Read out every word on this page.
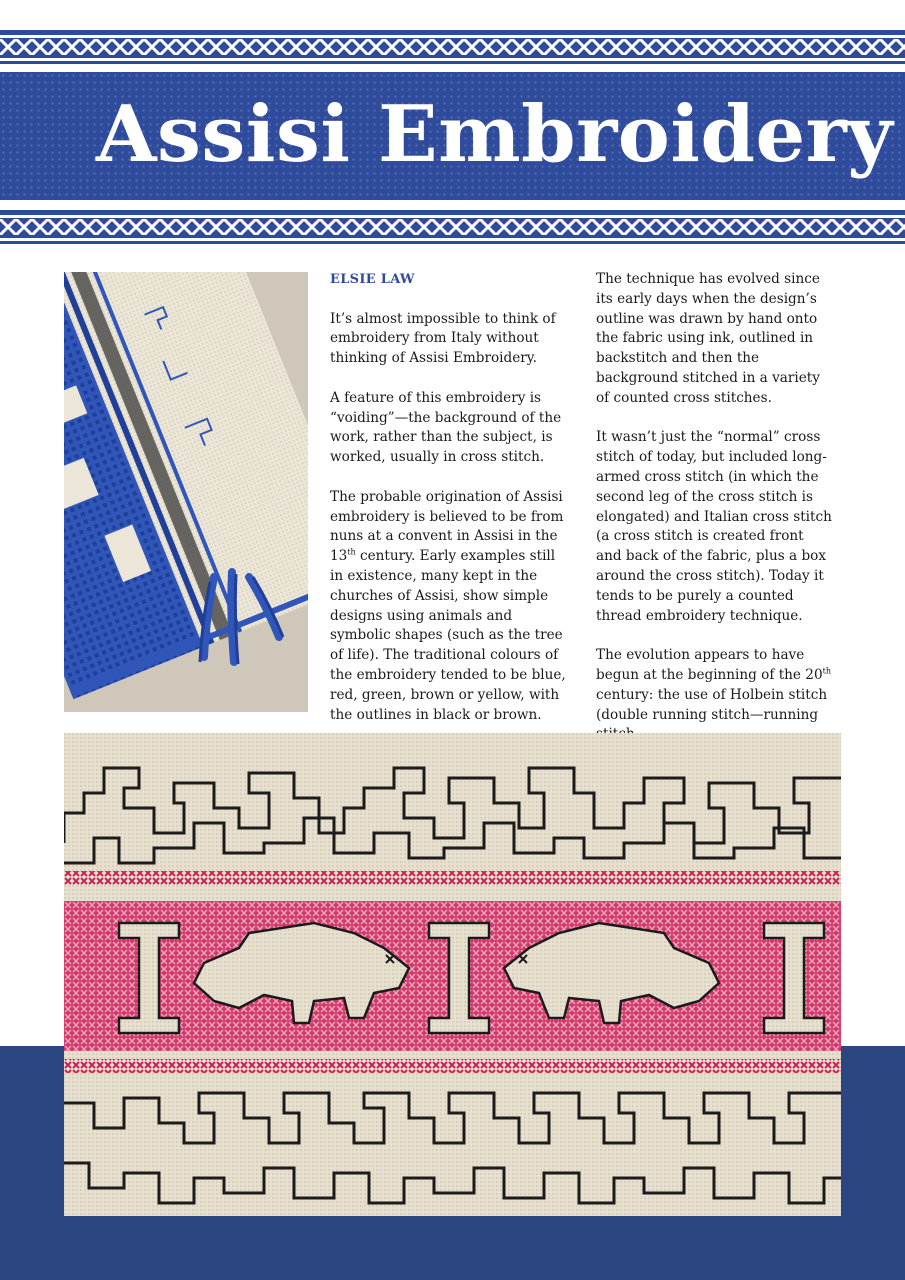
Assisi Embroidery

ELSIE LAW

It’s almost impossible to think of embroidery from Italy without thinking of Assisi Embroidery.

A feature of this embroidery is “voiding”—the background of the work, rather than the subject, is worked, usually in cross stitch.

The probable origination of Assisi embroidery is believed to be from nuns at a convent in Assisi in the 13th century. Early examples still in existence, many kept in the churches of Assisi, show simple designs using animals and symbolic shapes (such as the tree of life). The traditional colours of the embroidery tended to be blue, red, green, brown or yellow, with the outlines in black or brown.

The technique has evolved since its early days when the design’s outline was drawn by hand onto the fabric using ink, outlined in backstitch and then the background stitched in a variety of counted cross stitches.

It wasn’t just the “normal” cross stitch of today, but included long-armed cross stitch (in which the second leg of the cross stitch is elongated) and Italian cross stitch (a cross stitch is created front and back of the fabric, plus a box around the cross stitch). Today it tends to be purely a counted thread embroidery technique.

The evolution appears to have begun at the beginning of the 20th century: the use of Holbein stitch (double running stitch—running
